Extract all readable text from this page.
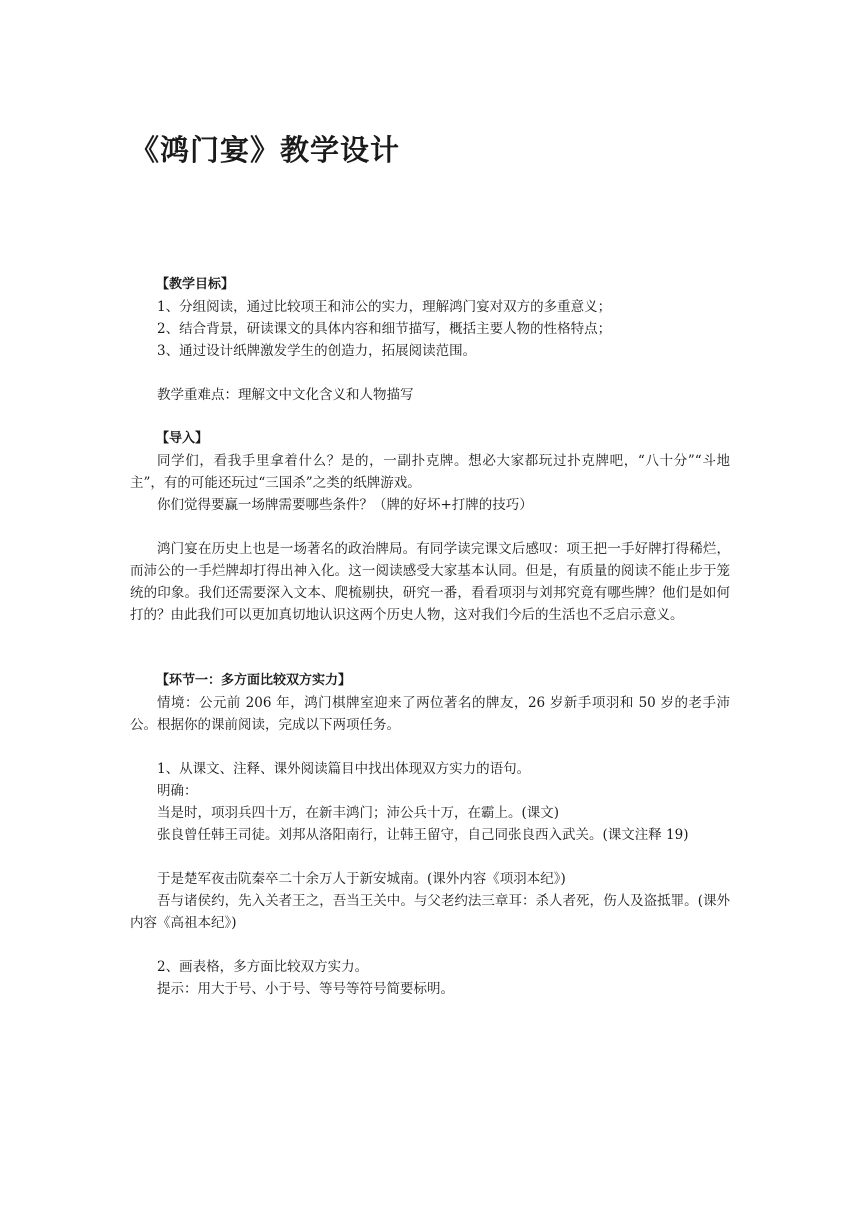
《鸿门宴》教学设计

【教学目标】

1、分组阅读，通过比较项王和沛公的实力，理解鸿门宴对双方的多重意义；

2、结合背景，研读课文的具体内容和细节描写，概括主要人物的性格特点；

3、通过设计纸牌激发学生的创造力，拓展阅读范围。

教学重难点：理解文中文化含义和人物描写

【导入】

同学们，看我手里拿着什么？是的，一副扑克牌。想必大家都玩过扑克牌吧，“八十分”“斗地主”，有的可能还玩过“三国杀”之类的纸牌游戏。

你们觉得要赢一场牌需要哪些条件？（牌的好坏+打牌的技巧）

鸿门宴在历史上也是一场著名的政治牌局。有同学读完课文后感叹：项王把一手好牌打得稀烂，而沛公的一手烂牌却打得出神入化。这一阅读感受大家基本认同。但是，有质量的阅读不能止步于笼统的印象。我们还需要深入文本、爬梳剔抉，研究一番，看看项羽与刘邦究竟有哪些牌？他们是如何打的？由此我们可以更加真切地认识这两个历史人物，这对我们今后的生活也不乏启示意义。

【环节一：多方面比较双方实力】

情境：公元前 206 年，鸿门棋牌室迎来了两位著名的牌友，26 岁新手项羽和 50 岁的老手沛公。根据你的课前阅读，完成以下两项任务。

1、从课文、注释、课外阅读篇目中找出体现双方实力的语句。

明确：

当是时，项羽兵四十万，在新丰鸿门；沛公兵十万，在霸上。(课文)

张良曾任韩王司徒。刘邦从洛阳南行，让韩王留守，自己同张良西入武关。(课文注释 19)

于是楚军夜击阬秦卒二十余万人于新安城南。(课外内容《项羽本纪》)

吾与诸侯约，先入关者王之，吾当王关中。与父老约法三章耳：杀人者死，伤人及盗抵罪。(课外内容《高祖本纪》)

2、画表格，多方面比较双方实力。

提示：用大于号、小于号、等号等符号简要标明。
